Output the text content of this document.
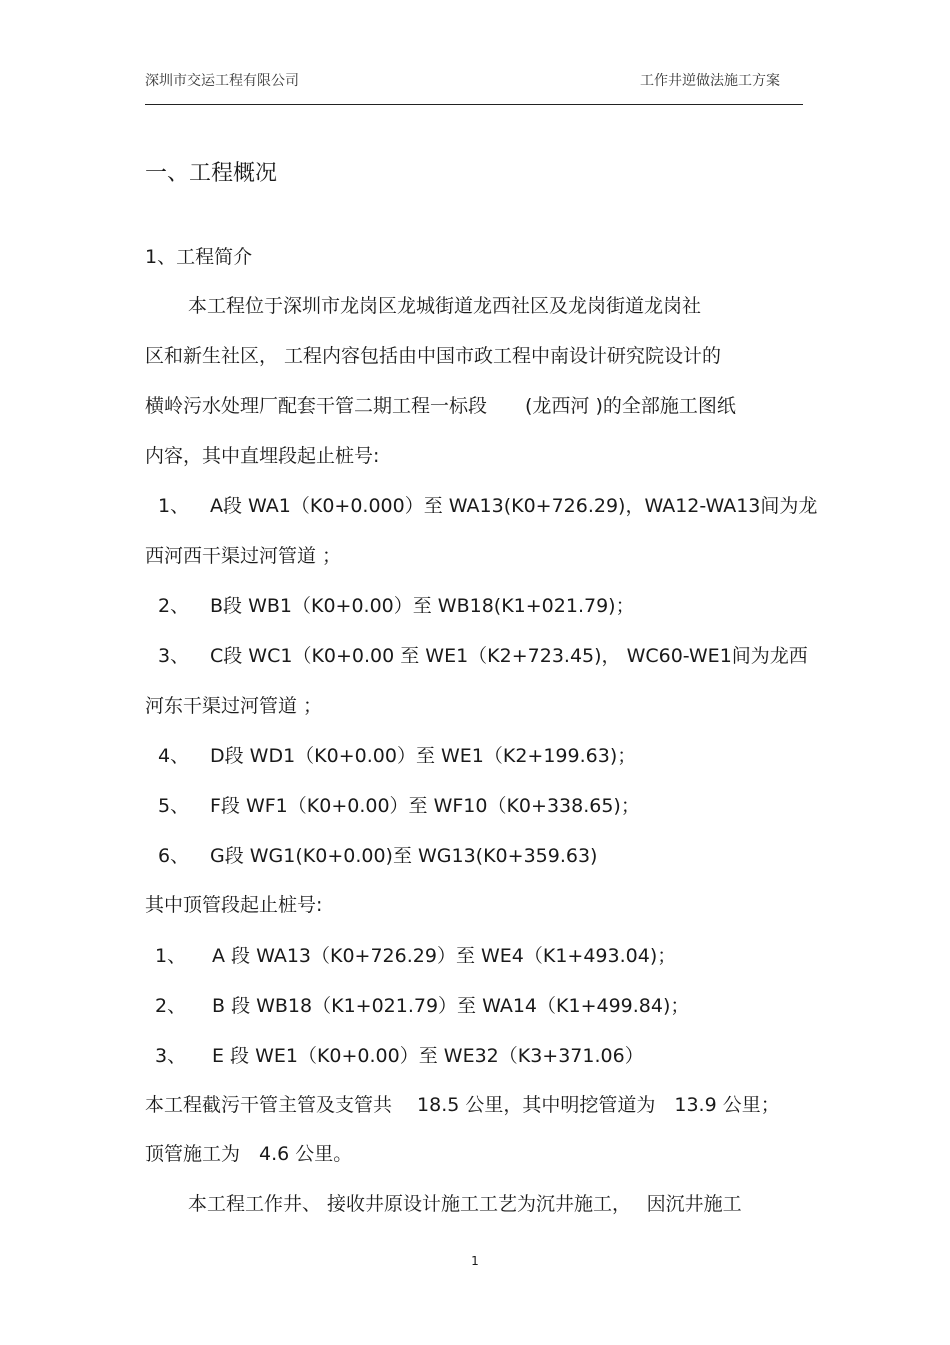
深圳市交运工程有限公司	工作井逆做法施工方案
一、工程概况
1、工程简介
本工程位于深圳市龙岗区龙城街道龙西社区及龙岗街道龙岗社
区和新生社区， 工程内容包括由中国市政工程中南设计研究院设计的
横岭污水处理厂配套干管二期工程一标段　　(龙西河 )的全部施工图纸
内容，其中直埋段起止桩号:
1、 A段 WA1（K0+0.000）至 WA13(K0+726.29)，WA12-WA13间为龙
西河西干渠过河管道 ；
2、 B段 WB1（K0+0.00）至 WB18(K1+021.79)；
3、 C段 WC1（K0+0.00 至 WE1（K2+723.45)， WC60-WE1间为龙西
河东干渠过河管道 ；
4、 D段 WD1（K0+0.00）至 WE1（K2+199.63)；
5、 F段 WF1（K0+0.00）至 WF10（K0+338.65)；
6、 G段 WG1(K0+0.00)至 WG13(K0+359.63)
其中顶管段起止桩号:
1、 A 段 WA13（K0+726.29）至 WE4（K1+493.04)；
2、 B 段 WB18（K1+021.79）至 WA14（K1+499.84)；
3、 E 段 WE1（K0+0.00）至 WE32（K3+371.06）
本工程截污干管主管及支管共　 18.5 公里，其中明挖管道为　13.9 公里；
顶管施工为　4.6 公里。
本工程工作井、 接收井原设计施工工艺为沉井施工，　 因沉井施工
1
